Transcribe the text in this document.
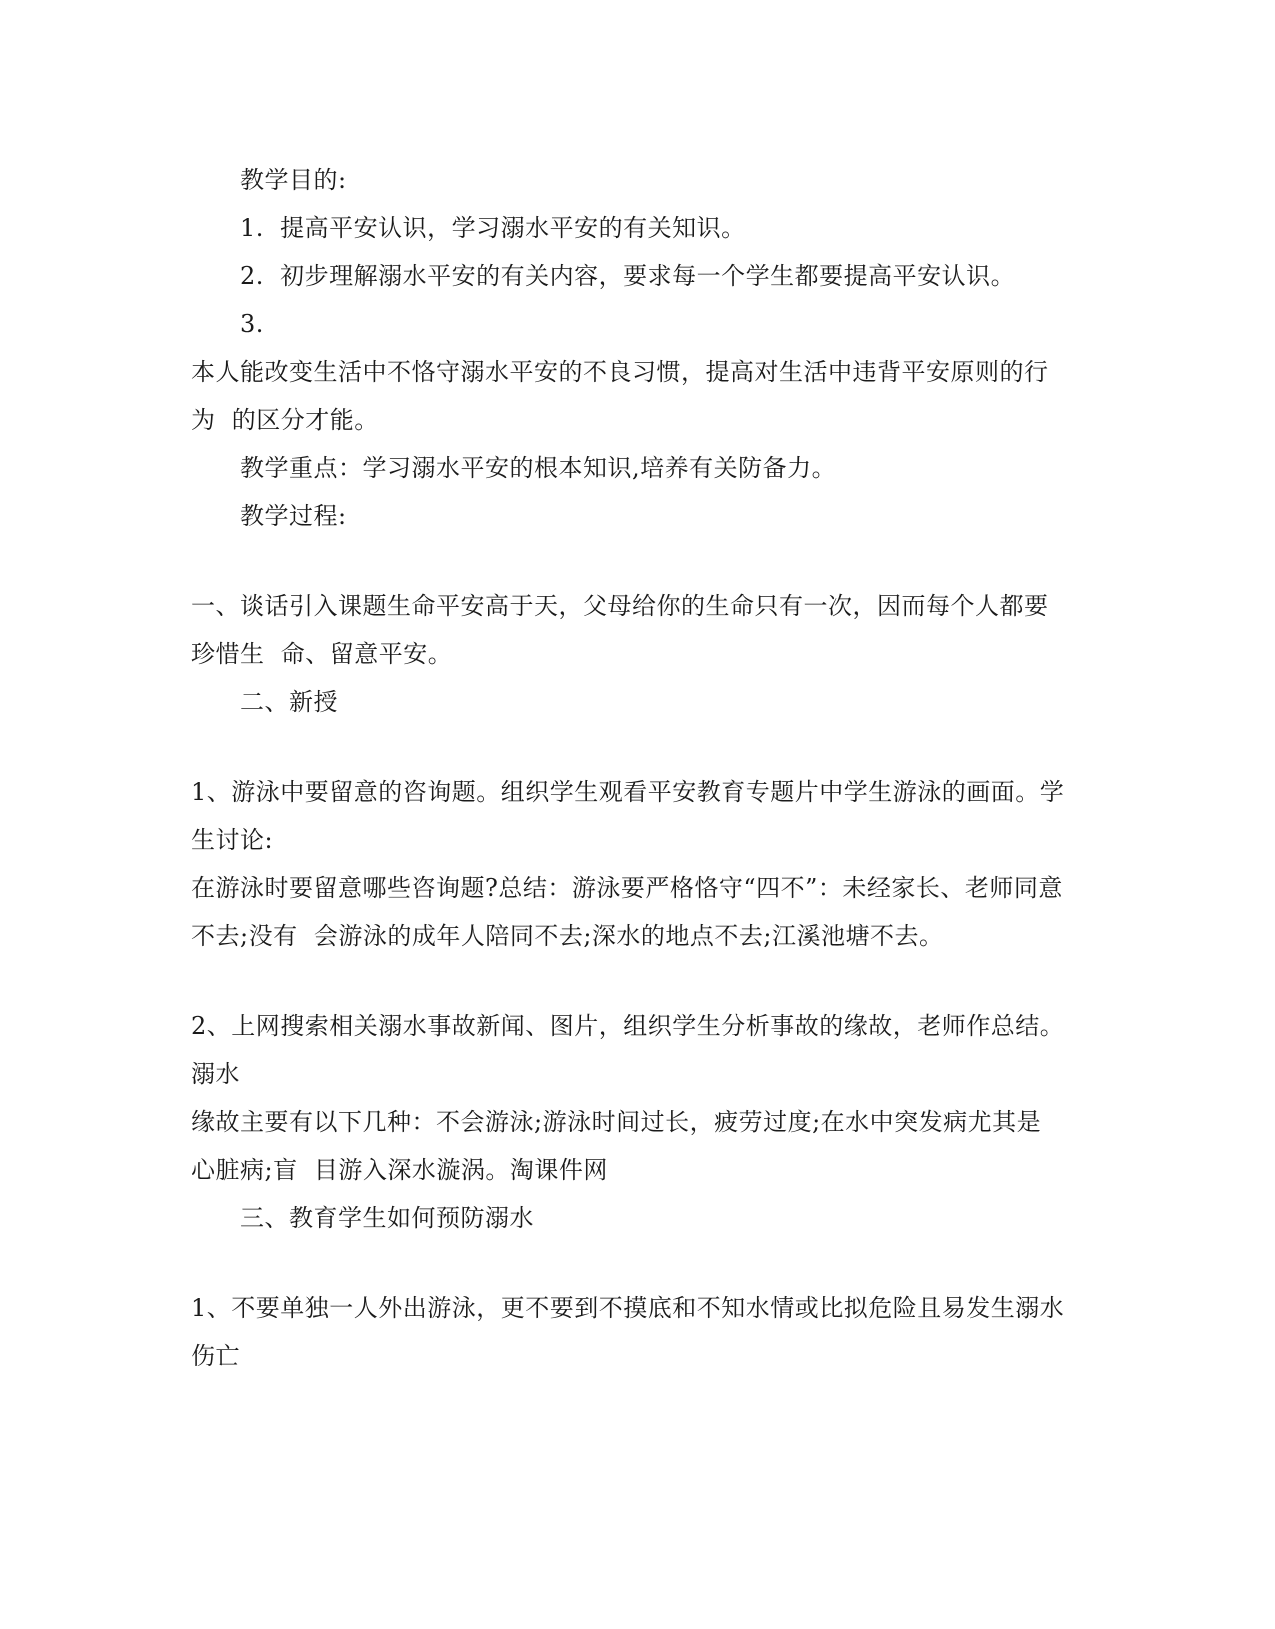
教学目的:
1.  提高平安认识，学习溺水平安的有关知识。
2.  初步理解溺水平安的有关内容，要求每一个学生都要提高平安认识。
3.
本人能改变生活中不恪守溺水平安的不良习惯，提高对生活中违背平安原则的行
为  的区分才能。
教学重点：学习溺水平安的根本知识,培养有关防备力。
教学过程:
一、谈话引入课题生命平安高于天，父母给你的生命只有一次，因而每个人都要
珍惜生  命、留意平安。
二、新授
1、游泳中要留意的咨询题。组织学生观看平安教育专题片中学生游泳的画面。学
生讨论:
在游泳时要留意哪些咨询题?总结：游泳要严格恪守“四不”：未经家长、老师同意
不去;没有  会游泳的成年人陪同不去;深水的地点不去;江溪池塘不去。
2、上网搜索相关溺水事故新闻、图片，组织学生分析事故的缘故，老师作总结。
溺水
缘故主要有以下几种：不会游泳;游泳时间过长，疲劳过度;在水中突发病尤其是
心脏病;盲  目游入深水漩涡。淘课件网
三、教育学生如何预防溺水
1、不要单独一人外出游泳，更不要到不摸底和不知水情或比拟危险且易发生溺水
伤亡
